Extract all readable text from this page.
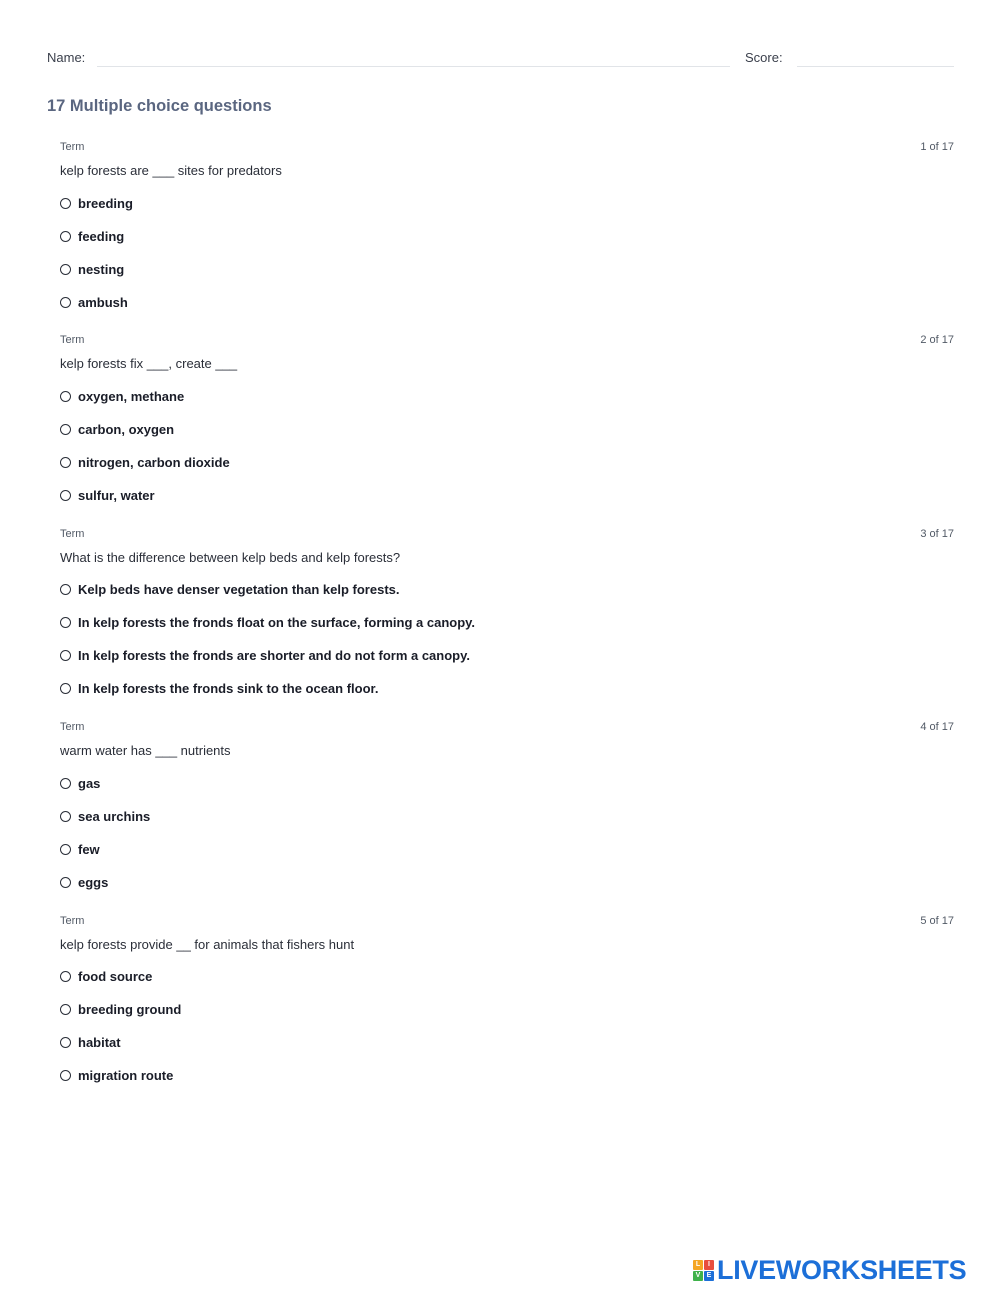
Name:	Score:
17 Multiple choice questions
Term	1 of 17
kelp forests are ___ sites for predators
breeding
feeding
nesting
ambush
Term	2 of 17
kelp forests fix ___, create ___
oxygen, methane
carbon, oxygen
nitrogen, carbon dioxide
sulfur, water
Term	3 of 17
What is the difference between kelp beds and kelp forests?
Kelp beds have denser vegetation than kelp forests.
In kelp forests the fronds float on the surface, forming a canopy.
In kelp forests the fronds are shorter and do not form a canopy.
In kelp forests the fronds sink to the ocean floor.
Term	4 of 17
warm water has ___ nutrients
gas
sea urchins
few
eggs
Term	5 of 17
kelp forests provide __ for animals that fishers hunt
food source
breeding ground
habitat
migration route
L	I
V E LIVEWORKSHEETS
